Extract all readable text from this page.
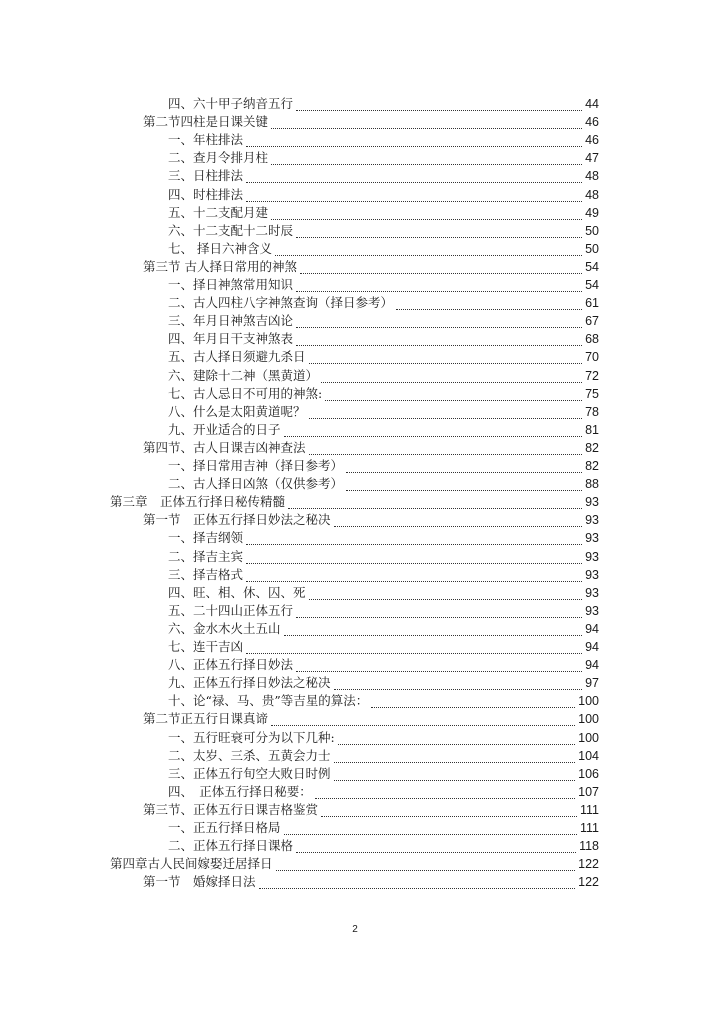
四、六十甲子纳音五行	44
第二节四柱是日课关键	46
一、年柱排法	46
二、查月令排月柱	47
三、日柱排法	48
四、时柱排法	48
五、十二支配月建	49
六、十二支配十二时辰	50
七、 择日六神含义	50
第三节 古人择日常用的神煞	54
一、择日神煞常用知识	54
二、古人四柱八字神煞查询（择日参考）	61
三、年月日神煞吉凶论	67
四、年月日干支神煞表	68
五、古人择日须避九杀日	70
六、建除十二神（黑黄道）	72
七、古人忌日不可用的神煞:	75
八、什么是太阳黄道呢？	78
九、开业适合的日子	81
第四节、古人日课吉凶神查法	82
一、择日常用吉神（择日参考）	82
二、古人择日凶煞（仅供参考）	88
第三章　正体五行择日秘传精髓	93
第一节　正体五行择日妙法之秘决	93
一、择吉纲领	93
二、择吉主宾	93
三、择吉格式	93
四、旺、相、休、囚、死	93
五、二十四山正体五行	93
六、金水木火土五山	94
七、连干吉凶	94
八、正体五行择日妙法	94
九、正体五行择日妙法之秘决	97
十、论“禄、马、贵”等吉星的算法：	100
第二节正五行日课真谛	100
一、五行旺衰可分为以下几种:	100
二、太岁、三杀、五黄会力士	104
三、正体五行旬空大败日时例	106
四、　正体五行择日秘要：	107
第三节、正体五行日课吉格鉴赏	111
一、正五行择日格局	111
二、正体五行择日课格	118
第四章古人民间嫁娶迁居择日	122
第一节　婚嫁择日法	122
2
